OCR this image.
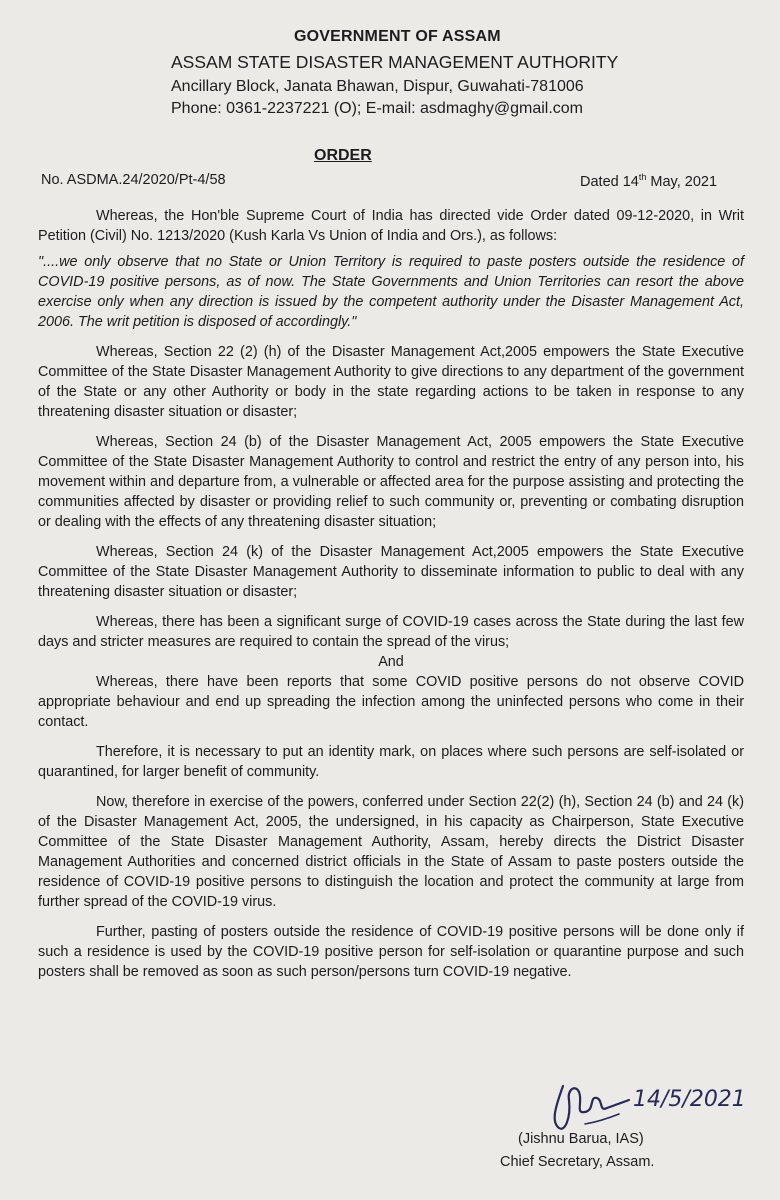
GOVERNMENT OF ASSAM
ASSAM STATE DISASTER MANAGEMENT AUTHORITY
Ancillary Block, Janata Bhawan, Dispur, Guwahati-781006
Phone: 0361-2237221 (O); E-mail: asdmaghy@gmail.com
ORDER
No. ASDMA.24/2020/Pt-4/58	Dated 14th May, 2021

Whereas, the Hon'ble Supreme Court of India has directed vide Order dated 09-12-2020, in Writ Petition (Civil) No. 1213/2020 (Kush Karla Vs Union of India and Ors.), as follows:

"....we only observe that no State or Union Territory is required to paste posters outside the residence of COVID-19 positive persons, as of now. The State Governments and Union Territories can resort the above exercise only when any direction is issued by the competent authority under the Disaster Management Act, 2006. The writ petition is disposed of accordingly."

Whereas, Section 22 (2) (h) of the Disaster Management Act,2005 empowers the State Executive Committee of the State Disaster Management Authority to give directions to any department of the government of the State or any other Authority or body in the state regarding actions to be taken in response to any threatening disaster situation or disaster;

Whereas, Section 24 (b) of the Disaster Management Act, 2005 empowers the State Executive Committee of the State Disaster Management Authority to control and restrict the entry of any person into, his movement within and departure from, a vulnerable or affected area for the purpose assisting and protecting the communities affected by disaster or providing relief to such community or, preventing or combating disruption or dealing with the effects of any threatening disaster situation;

Whereas, Section 24 (k) of the Disaster Management Act,2005 empowers the State Executive Committee of the State Disaster Management Authority to disseminate information to public to deal with any threatening disaster situation or disaster;

Whereas, there has been a significant surge of COVID-19 cases across the State during the last few days and stricter measures are required to contain the spread of the virus;

And

Whereas, there have been reports that some COVID positive persons do not observe COVID appropriate behaviour and end up spreading the infection among the uninfected persons who come in their contact.

Therefore, it is necessary to put an identity mark, on places where such persons are self-isolated or quarantined, for larger benefit of community.

Now, therefore in exercise of the powers, conferred under Section 22(2) (h), Section 24 (b) and 24 (k) of the Disaster Management Act, 2005, the undersigned, in his capacity as Chairperson, State Executive Committee of the State Disaster Management Authority, Assam, hereby directs the District Disaster Management Authorities and concerned district officials in the State of Assam to paste posters outside the residence of COVID-19 positive persons to distinguish the location and protect the community at large from further spread of the COVID-19 virus.

Further, pasting of posters outside the residence of COVID-19 positive persons will be done only if such a residence is used by the COVID-19 positive person for self-isolation or quarantine purpose and such posters shall be removed as soon as such person/persons turn COVID-19 negative.

14/5/2021
(Jishnu Barua, IAS)
Chief Secretary, Assam.
